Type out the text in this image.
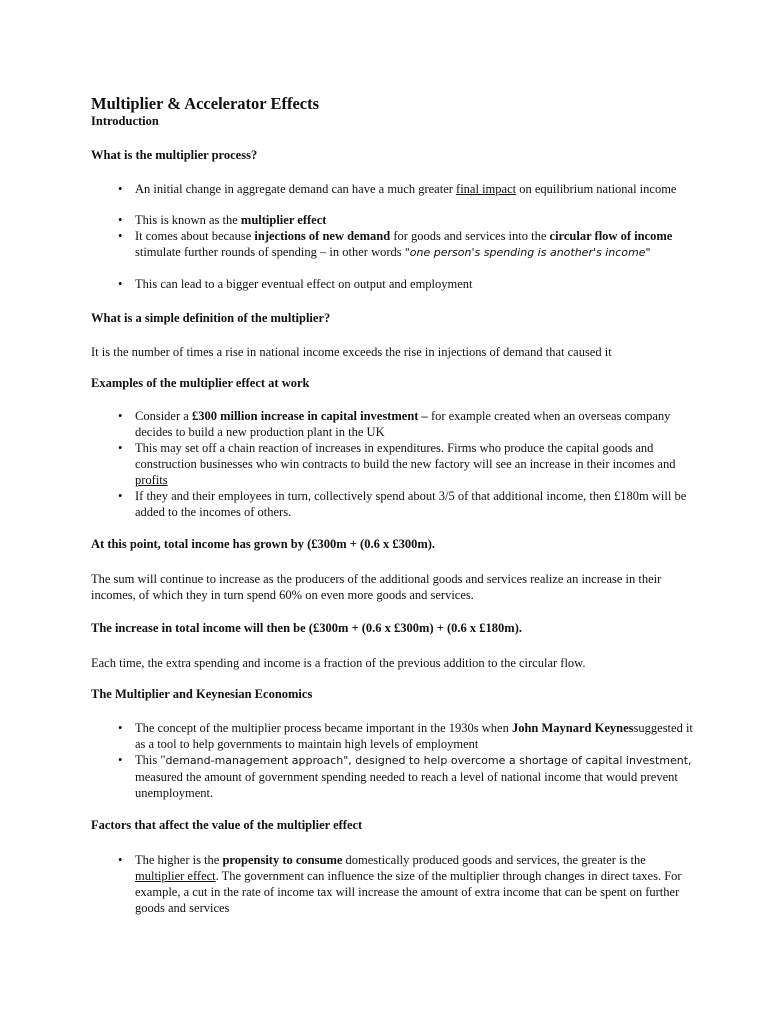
Multiplier & Accelerator Effects
Introduction
What is the multiplier process?
• An initial change in aggregate demand can have a much greater final impact on equilibrium national income

• This is known as the multiplier effect

• It comes about because injections of new demand for goods and services into the circular flow of income stimulate further rounds of spending – in other words "one person's spending is another's income"

• This can lead to a bigger eventual effect on output and employment

What is a simple definition of the multiplier?

It is the number of times a rise in national income exceeds the rise in injections of demand that caused it

Examples of the multiplier effect at work
• Consider a £300 million increase in capital investment – for example created when an overseas company decides to build a new production plant in the UK

• This may set off a chain reaction of increases in expenditures. Firms who produce the capital goods and construction businesses who win contracts to build the new factory will see an increase in their incomes and profits

• If they and their employees in turn, collectively spend about 3/5 of that additional income, then £180m will be added to the incomes of others.

At this point, total income has grown by (£300m + (0.6 x £300m).

The sum will continue to increase as the producers of the additional goods and services realize an increase in their incomes, of which they in turn spend 60% on even more goods and services.

The increase in total income will then be (£300m + (0.6 x £300m) + (0.6 x £180m).

Each time, the extra spending and income is a fraction of the previous addition to the circular flow.

The Multiplier and Keynesian Economics
• The concept of the multiplier process became important in the 1930s when John Maynard Keynessuggested it as a tool to help governments to maintain high levels of employment

• This "demand-management approach", designed to help overcome a shortage of capital investment, measured the amount of government spending needed to reach a level of national income that would prevent unemployment.

Factors that affect the value of the multiplier effect
• The higher is the propensity to consume domestically produced goods and services, the greater is the multiplier effect. The government can influence the size of the multiplier through changes in direct taxes. For example, a cut in the rate of income tax will increase the amount of extra income that can be spent on further goods and services
